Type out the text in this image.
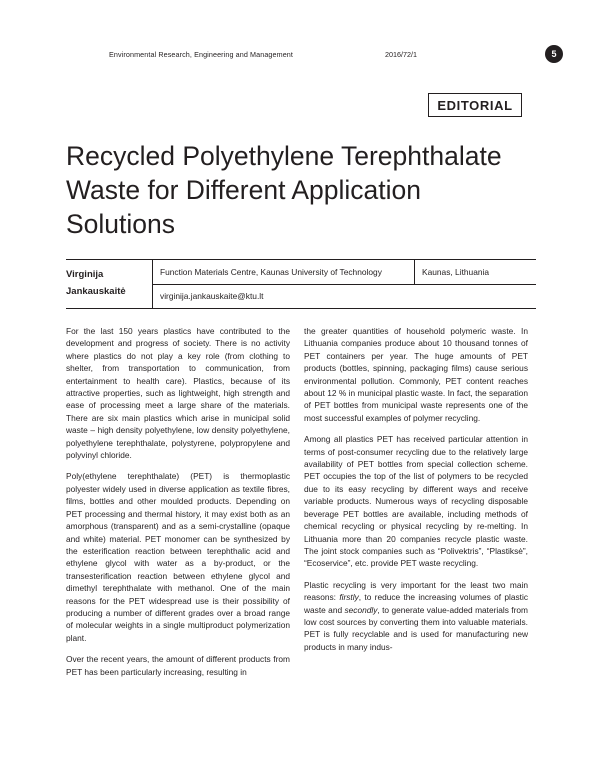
Environmental Research, Engineering and Management	2016/72/1	5
EDITORIAL
Recycled Polyethylene Terephthalate Waste for Different Application Solutions
Virginija
Jankauskaitė
Function Materials Centre, Kaunas University of Technology	Kaunas, Lithuania
virginija.jankauskaite@ktu.lt

For the last 150 years plastics have contributed to the development and progress of society. There is no activity where plastics do not play a key role (from clothing to shelter, from transportation to communication, from entertainment to health care). Plastics, because of its attractive properties, such as lightweight, high strength and ease of processing meet a large share of the materials. There are six main plastics which arise in municipal solid waste – high density polyethylene, low density polyethylene, polyethylene terephthalate, polystyrene, polypropylene and polyvinyl chloride.

Poly(ethylene terephthalate) (PET) is thermoplastic polyester widely used in diverse application as textile fibres, films, bottles and other moulded products. Depending on PET processing and thermal history, it may exist both as an amorphous (transparent) and as a semi-crystalline (opaque and white) material. PET monomer can be synthesized by the esterification reaction between terephthalic acid and ethylene glycol with water as a by-product, or the transesterification reaction between ethylene glycol and dimethyl terephthalate with methanol. One of the main reasons for the PET widespread use is their possibility of producing a number of different grades over a broad range of molecular weights in a single multiproduct polymerization plant.

Over the recent years, the amount of different products from PET has been particularly increasing, resulting in

the greater quantities of household polymeric waste. In Lithuania companies produce about 10 thousand tonnes of PET containers per year. The huge amounts of PET products (bottles, spinning, packaging films) cause serious environmental pollution. Commonly, PET content reaches about 12 % in municipal plastic waste. In fact, the separation of PET bottles from municipal waste represents one of the most successful examples of polymer recycling.

Among all plastics PET has received particular attention in terms of post-consumer recycling due to the relatively large availability of PET bottles from special collection scheme. PET occupies the top of the list of polymers to be recycled due to its easy recycling by different ways and receive variable products. Numerous ways of recycling disposable beverage PET bottles are available, including methods of chemical recycling or physical recycling by re-melting. In Lithuania more than 20 companies recycle plastic waste. The joint stock companies such as “Polivektris”, “Plastiksė”, “Ecoservice”, etc. provide PET waste recycling.

Plastic recycling is very important for the least two main reasons: firstly, to reduce the increasing volumes of plastic waste and secondly, to generate value-added materials from low cost sources by converting them into valuable materials. PET is fully recyclable and is used for manufacturing new products in many indus-
